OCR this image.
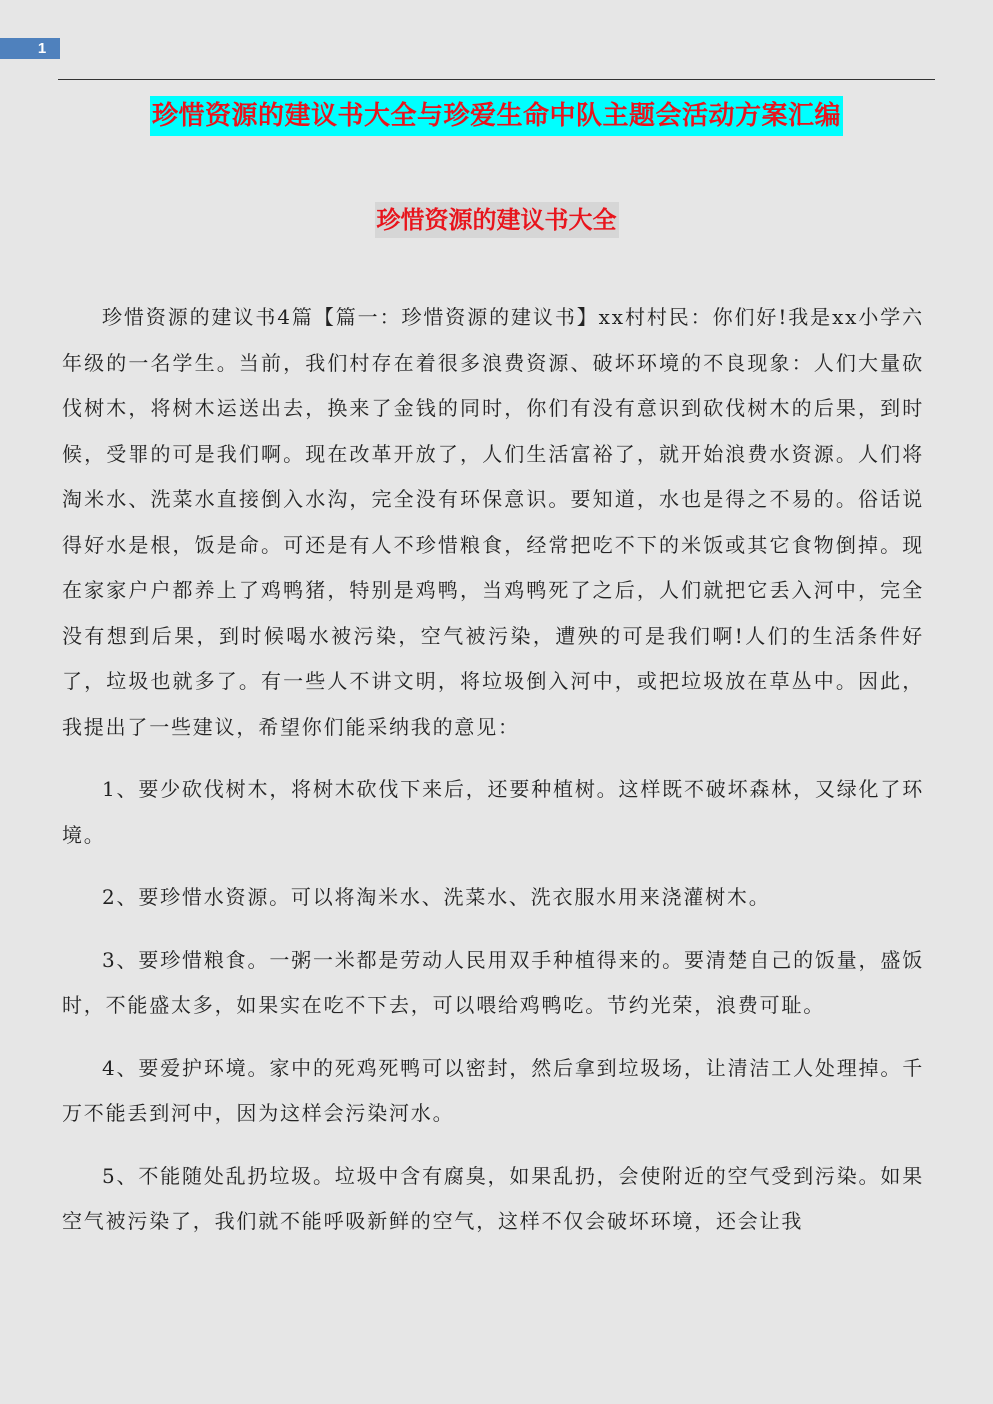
1
珍惜资源的建议书大全与珍爱生命中队主题会活动方案汇编
珍惜资源的建议书大全

珍惜资源的建议书4篇【篇一：珍惜资源的建议书】xx村村民：你们好!我是xx小学六年级的一名学生。当前，我们村存在着很多浪费资源、破坏环境的不良现象：人们大量砍伐树木，将树木运送出去，换来了金钱的同时，你们有没有意识到砍伐树木的后果，到时候，受罪的可是我们啊。现在改革开放了，人们生活富裕了，就开始浪费水资源。人们将淘米水、洗菜水直接倒入水沟，完全没有环保意识。要知道，水也是得之不易的。俗话说得好水是根，饭是命。可还是有人不珍惜粮食，经常把吃不下的米饭或其它食物倒掉。现在家家户户都养上了鸡鸭猪，特别是鸡鸭，当鸡鸭死了之后，人们就把它丢入河中，完全没有想到后果，到时候喝水被污染，空气被污染，遭殃的可是我们啊!人们的生活条件好了，垃圾也就多了。有一些人不讲文明，将垃圾倒入河中，或把垃圾放在草丛中。因此，我提出了一些建议，希望你们能采纳我的意见：

1、要少砍伐树木，将树木砍伐下来后，还要种植树。这样既不破坏森林，又绿化了环境。

2、要珍惜水资源。可以将淘米水、洗菜水、洗衣服水用来浇灌树木。

3、要珍惜粮食。一粥一米都是劳动人民用双手种植得来的。要清楚自己的饭量，盛饭时，不能盛太多，如果实在吃不下去，可以喂给鸡鸭吃。节约光荣，浪费可耻。

4、要爱护环境。家中的死鸡死鸭可以密封，然后拿到垃圾场，让清洁工人处理掉。千万不能丢到河中，因为这样会污染河水。

5、不能随处乱扔垃圾。垃圾中含有腐臭，如果乱扔，会使附近的空气受到污染。如果空气被污染了，我们就不能呼吸新鲜的空气，这样不仅会破坏环境，还会让我
